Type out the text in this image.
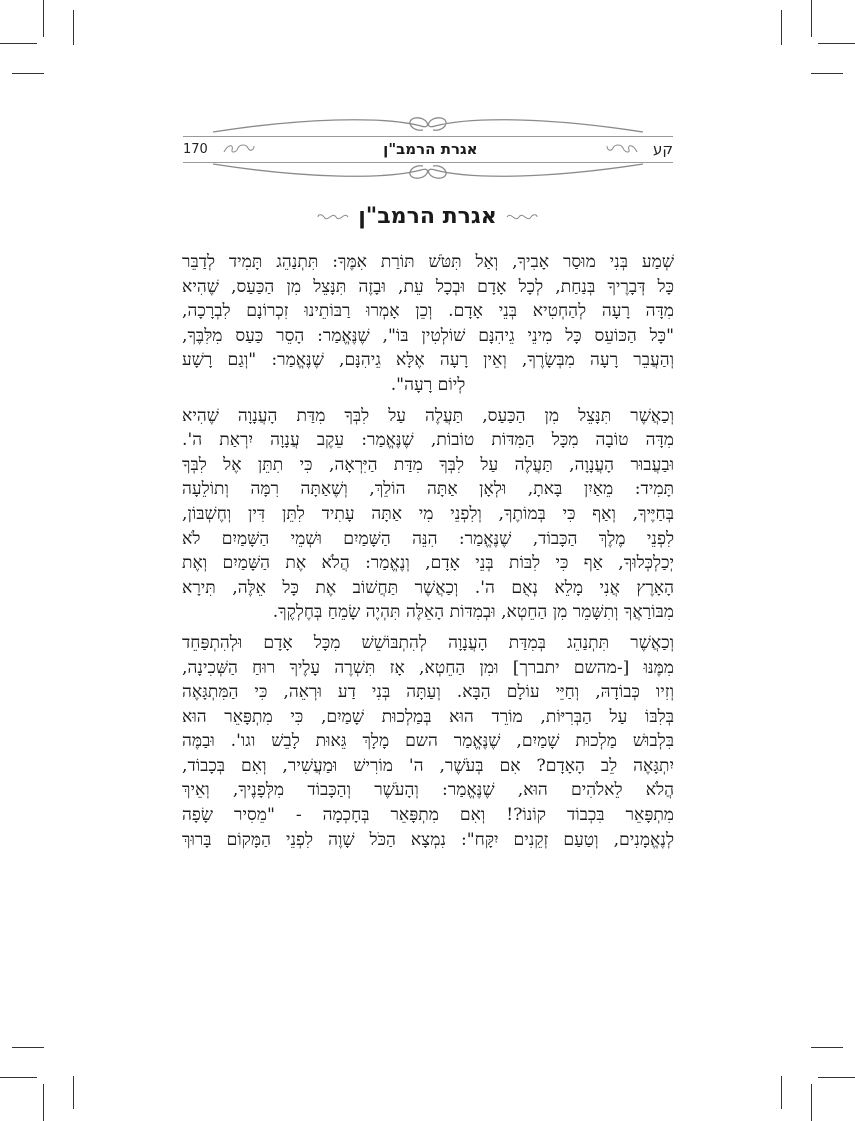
170	אגרת הרמב"ן	קע
אגרת הרמב"ן

שְׁמַע בְּנִי מוּסַר אָבִיךָ, וְאַל תִּטֹּשׁ תּוֹרַת אִמֶּךָ: תִּתְנַהֵג תָּמִיד לְדַבֵּר
כָּל דְּבָרֶיךָ בְּנַחַת, לְכָל אָדָם וּבְכָל עֵת, וּבָזֶה תִּנָּצֵל מִן הַכַּעַס, שֶׁהִיא
מִדָּה רָעָה לְהַחְטִיא בְּנֵי אָדָם. וְכֵן אָמְרוּ רַבּוֹתֵינוּ זִכְרוֹנָם לִבְרָכָה,
"כָּל הַכּוֹעֵס כָּל מִינֵי גֵיהִנָּם שׁוֹלְטִין בּוֹ", שֶׁנֶּאֱמַר: הָסֵר כַּעַס מִלִּבֶּךָ,
וְהַעֲבֵר רָעָה מִבְּשָׂרֶךָ, וְאֵין רָעָה אֶלָּא גֵיהִנָּם, שֶׁנֶּאֱמַר: "וְגַם רָשָׁע
לְיוֹם רָעָה".

וְכַאֲשֶׁר תִּנָּצֵל מִן הַכַּעַס, תַּעֲלֶה עַל לִבְּךָ מִדַּת הָעֲנָוָה שֶׁהִיא
מִדָּה טוֹבָה מִכָּל הַמִּדּוֹת טוֹבוֹת, שֶׁנֶּאֱמַר: עֵקֶב עֲנָוָה יִרְאַת ה'.
וּבַעֲבוּר הָעֲנָוָה, תַּעֲלֶה עַל לִבְּךָ מִדַּת הַיִּרְאָה, כִּי תִתֵּן אֶל לִבְּךָ
תָּמִיד: מֵאַיִן בָּאתָ, וּלְאָן אַתָּה הוֹלֵךְ, וְשֶׁאַתָּה רִמָּה וְתוֹלֵעָה
בְּחַיֶּיךָ, וְאַף כִּי בְּמוֹתֶךָ, וְלִפְנֵי מִי אַתָּה עָתִיד לִתֵּן דִּין וְחֶשְׁבּוֹן,
לִפְנֵי מֶלֶךְ הַכָּבוֹד, שֶׁנֶּאֱמַר: הִנֵּה הַשָּׁמַיִם וּשְׁמֵי הַשָּׁמַיִם לֹא
יְכַלְכְּלוּךָ, אַף כִּי לִבּוֹת בְּנֵי אָדָם, וְנֶאֱמַר: הֲלֹא אֶת הַשָּׁמַיִם וְאֶת
הָאָרֶץ אֲנִי מָלֵא נְאֻם ה'. וְכַאֲשֶׁר תַּחֲשׁוֹב אֶת כָּל אֵלֶּה, תִּירָא
מִבּוֹרַאֲךָ וְתִשָּׁמֵר מִן הַחֵטְא, וּבְמִדּוֹת הָאֵלֶּה תִּהְיֶה שָׂמֵחַ בְּחֶלְקֶךָ.

וְכַאֲשֶׁר תִּתְנַהֵג בְּמִדַּת הָעֲנָוָה לְהִתְבּוֹשֵׁשׁ מִכָּל אָדָם וּלְהִתְפַּחֵד
מִמֶּנּוּ [-מהשם יתברך] וּמִן הַחֵטְא, אָז תִּשְׁרֶה עָלֶיךָ רוּחַ הַשְּׁכִינָה,
וְזִיו כְּבוֹדָהּ, וְחַיֵּי עוֹלָם הַבָּא. וְעַתָּה בְּנִי דַע וּרְאֵה, כִּי הַמִּתְגָּאֶה
בְּלִבּוֹ עַל הַבְּרִיּוֹת, מוֹרֵד הוּא בְּמַלְכוּת שָׁמַיִם, כִּי מִתְפָּאֵר הוּא
בִּלְבוּשׁ מַלְכוּת שָׁמַיִם, שֶׁנֶּאֱמַר השם מָלָךְ גֵּאוּת לָבֵשׁ וגו'. וּבַמֶּה
יִתְגָּאֶה לֵב הָאָדָם? אִם בְּעֹשֶׁר, ה' מוֹרִישׁ וּמַעֲשִׁיר, וְאִם בְּכָבוֹד,
הֲלֹא לֵאלֹהִים הוּא, שֶׁנֶּאֱמַר: וְהָעֹשֶׁר וְהַכָּבוֹד מִלְּפָנֶיךָ, וְאֵיךְ
מִתְפָּאֵר בִּכְבוֹד קוֹנוֹ?! וְאִם מִתְפָּאֵר בְּחָכְמָה - "מֵסִיר שָׂפָה
לְנֶאֱמָנִים, וְטַעַם זְקֵנִים יִקָּח": נִמְצָא הַכֹּל שָׁוֶה לִפְנֵי הַמָּקוֹם בָּרוּךְ
